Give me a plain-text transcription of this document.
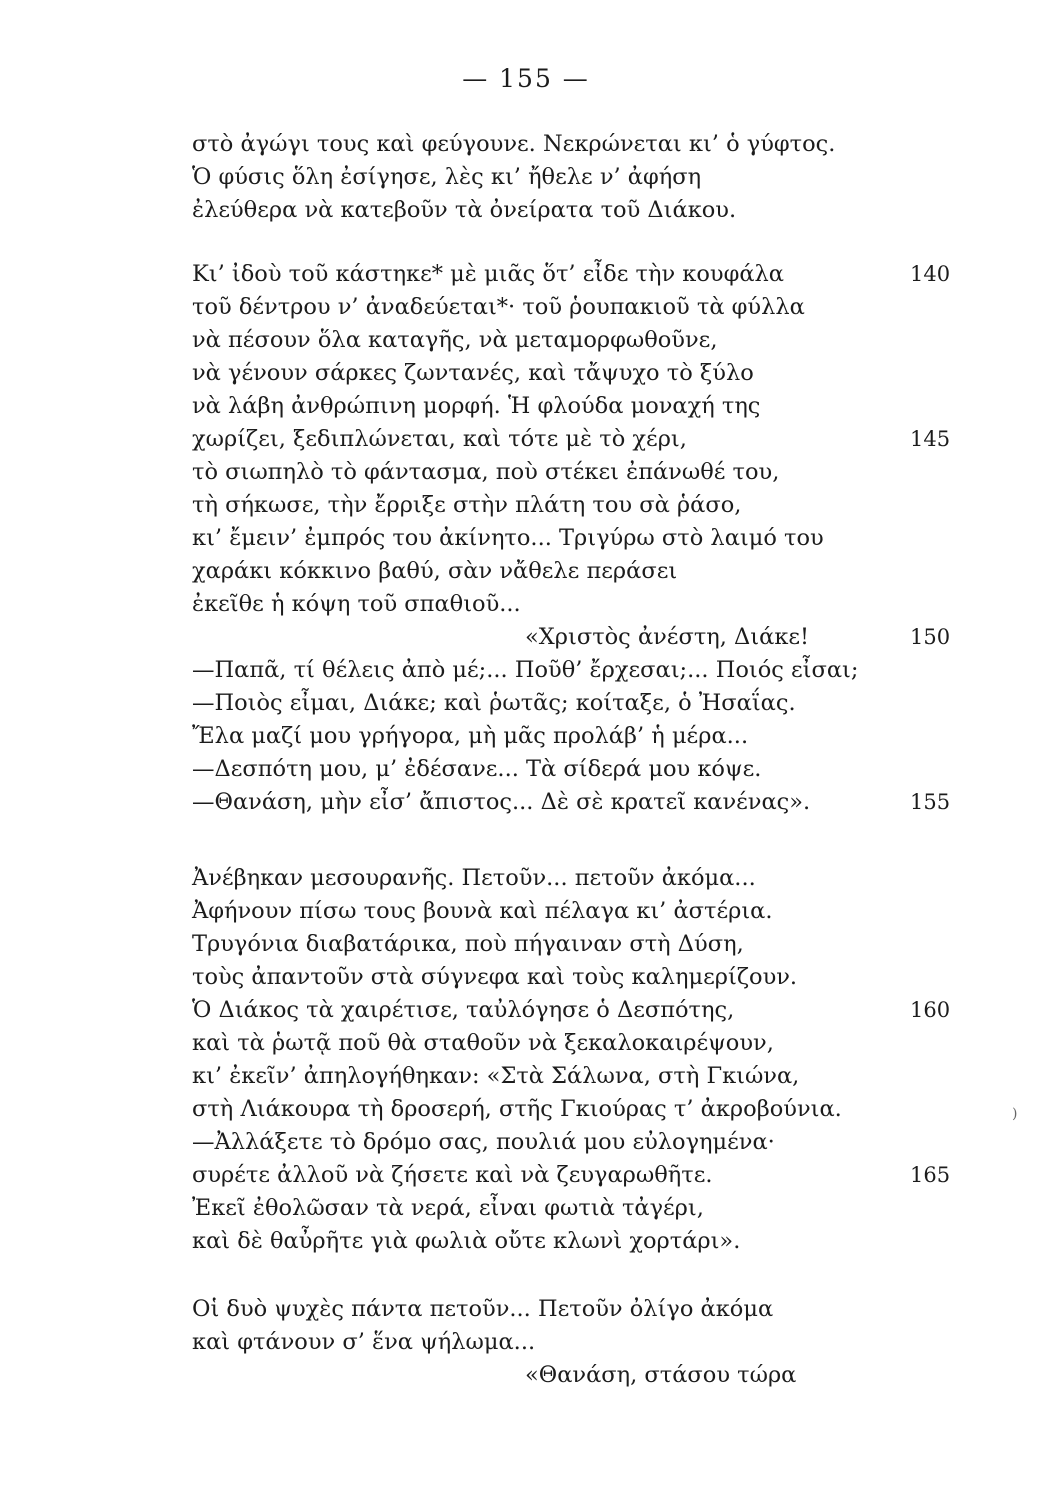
— 155 —
στὸ ἀγώγι τους καὶ φεύγουνε. Νεκρώνεται κι’ ὁ γύφτος.
Ὁ φύσις ὅλη ἐσίγησε, λὲς κι’ ἤθελε ν’ ἀφήση
ἐλεύθερα νὰ κατεβοῦν τὰ ὀνείρατα τοῦ Διάκου.
Κι’ ἰδοὺ τοῦ κάστηκε* μὲ μιᾶς ὅτ’ εἶδε τὴν κουφάλα	140
τοῦ δέντρου ν’ ἀναδεύεται*· τοῦ ῥουπακιοῦ τὰ φύλλα
νὰ πέσουν ὅλα καταγῆς, νὰ μεταμορφωθοῦνε,
νὰ γένουν σάρκες ζωντανές, καὶ τἄψυχο τὸ ξύλο
νὰ λάβη ἀνθρώπινη μορφή. Ἡ φλούδα μοναχή της
χωρίζει, ξεδιπλώνεται, καὶ τότε μὲ τὸ χέρι,	145
τὸ σιωπηλὸ τὸ φάντασμα, ποὺ στέκει ἐπάνωθέ του,
τὴ σήκωσε, τὴν ἔρριξε στὴν πλάτη του σὰ ῥάσο,
κι’ ἔμειν’ ἐμπρός του ἀκίνητο... Τριγύρω στὸ λαιμό του
χαράκι κόκκινο βαθύ, σὰν νἄθελε περάσει
ἐκεῖθε ἡ κόψη τοῦ σπαθιοῦ...
«Χριστὸς ἀνέστη, Διάκε!	150
—Παπᾶ, τί θέλεις ἀπὸ μέ;... Ποῦθ’ ἔρχεσαι;... Ποιός εἶσαι;
—Ποιὸς εἶμαι, Διάκε; καὶ ῥωτᾶς; κοίταξε, ὁ Ἠσαΐας.
Ἔλα μαζί μου γρήγορα, μὴ μᾶς προλάβ’ ἡ μέρα...
—Δεσπότη μου, μ’ ἐδέσανε... Τὰ σίδερά μου κόψε.
—Θανάση, μὴν εἶσ’ ἄπιστος... Δὲ σὲ κρατεῖ κανένας».	155
Ἀνέβηκαν μεσουρανῆς. Πετοῦν... πετοῦν ἀκόμα...
Ἀφήνουν πίσω τους βουνὰ καὶ πέλαγα κι’ ἀστέρια.
Τρυγόνια διαβατάρικα, ποὺ πήγαιναν στὴ Δύση,
τοὺς ἀπαντοῦν στὰ σύγνεφα καὶ τοὺς καλημερίζουν.
Ὁ Διάκος τὰ χαιρέτισε, ταὐλόγησε ὁ Δεσπότης,	160
καὶ τὰ ῥωτᾷ ποῦ θὰ σταθοῦν νὰ ξεκαλοκαιρέψουν,
κι’ ἐκεῖν’ ἀπηλογήθηκαν: «Στὰ Σάλωνα, στὴ Γκιώνα,
στὴ Λιάκουρα τὴ δροσερή, στῆς Γκιούρας τ’ ἀκροβούνια.
—Ἀλλάξετε τὸ δρόμο σας, πουλιά μου εὐλογημένα·
συρέτε ἀλλοῦ νὰ ζήσετε καὶ νὰ ζευγαρωθῆτε.	165
Ἐκεῖ ἐθολῶσαν τὰ νερά, εἶναι φωτιὰ τἀγέρι,
καὶ δὲ θαὖρῆτε γιὰ φωλιὰ οὔτε κλωνὶ χορτάρι».
Οἱ δυὸ ψυχὲς πάντα πετοῦν... Πετοῦν ὀλίγο ἀκόμα
καὶ φτάνουν σ’ ἕνα ψήλωμα...
«Θανάση, στάσου τώρα
)
